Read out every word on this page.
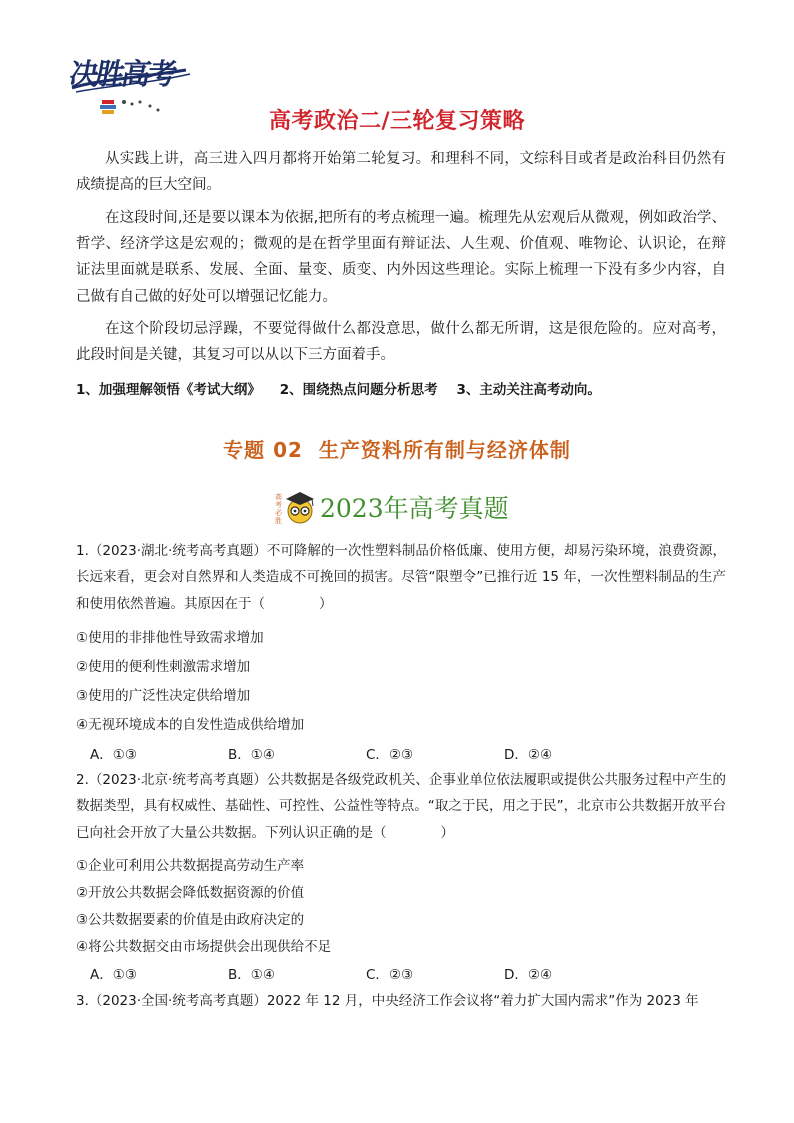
决胜高考
高考政治二/三轮复习策略

从实践上讲，高三进入四月都将开始第二轮复习。和理科不同，文综科目或者是政治科目仍然有成绩提高的巨大空间。

在这段时间,还是要以课本为依据,把所有的考点梳理一遍。梳理先从宏观后从微观，例如政治学、哲学、经济学这是宏观的；微观的是在哲学里面有辩证法、人生观、价值观、唯物论、认识论，在辩证法里面就是联系、发展、全面、量变、质变、内外因这些理论。实际上梳理一下没有多少内容，自己做有自己做的好处可以增强记忆能力。

在这个阶段切忌浮躁，不要觉得做什么都没意思，做什么都无所谓，这是很危险的。应对高考，此段时间是关键，其复习可以从以下三方面着手。

1、加强理解领悟《考试大纲》 2、围绕热点问题分析思考 3、主动关注高考动向。
专题 02  生产资料所有制与经济体制
高
考
必
胜 2023年高考真题

1.（2023·湖北·统考高考真题）不可降解的一次性塑料制品价格低廉、使用方便，却易污染环境，浪费资源，长远来看，更会对自然界和人类造成不可挽回的损害。尽管“限塑令”已推行近 15 年，一次性塑料制品的生产和使用依然普遍。其原因在于（　　　　）

①使用的非排他性导致需求增加
②使用的便利性刺激需求增加
③使用的广泛性决定供给增加
④无视环境成本的自发性造成供给增加
A．①③	B．①④	C．②③	D．②④

2.（2023·北京·统考高考真题）公共数据是各级党政机关、企事业单位依法履职或提供公共服务过程中产生的数据类型，具有权威性、基础性、可控性、公益性等特点。“取之于民，用之于民”，北京市公共数据开放平台已向社会开放了大量公共数据。下列认识正确的是（　　　　）

①企业可利用公共数据提高劳动生产率
②开放公共数据会降低数据资源的价值
③公共数据要素的价值是由政府决定的
④将公共数据交由市场提供会出现供给不足
A．①③	B．①④	C．②③	D．②④

3.（2023·全国·统考高考真题）2022 年 12 月，中央经济工作会议将“着力扩大国内需求”作为 2023 年
